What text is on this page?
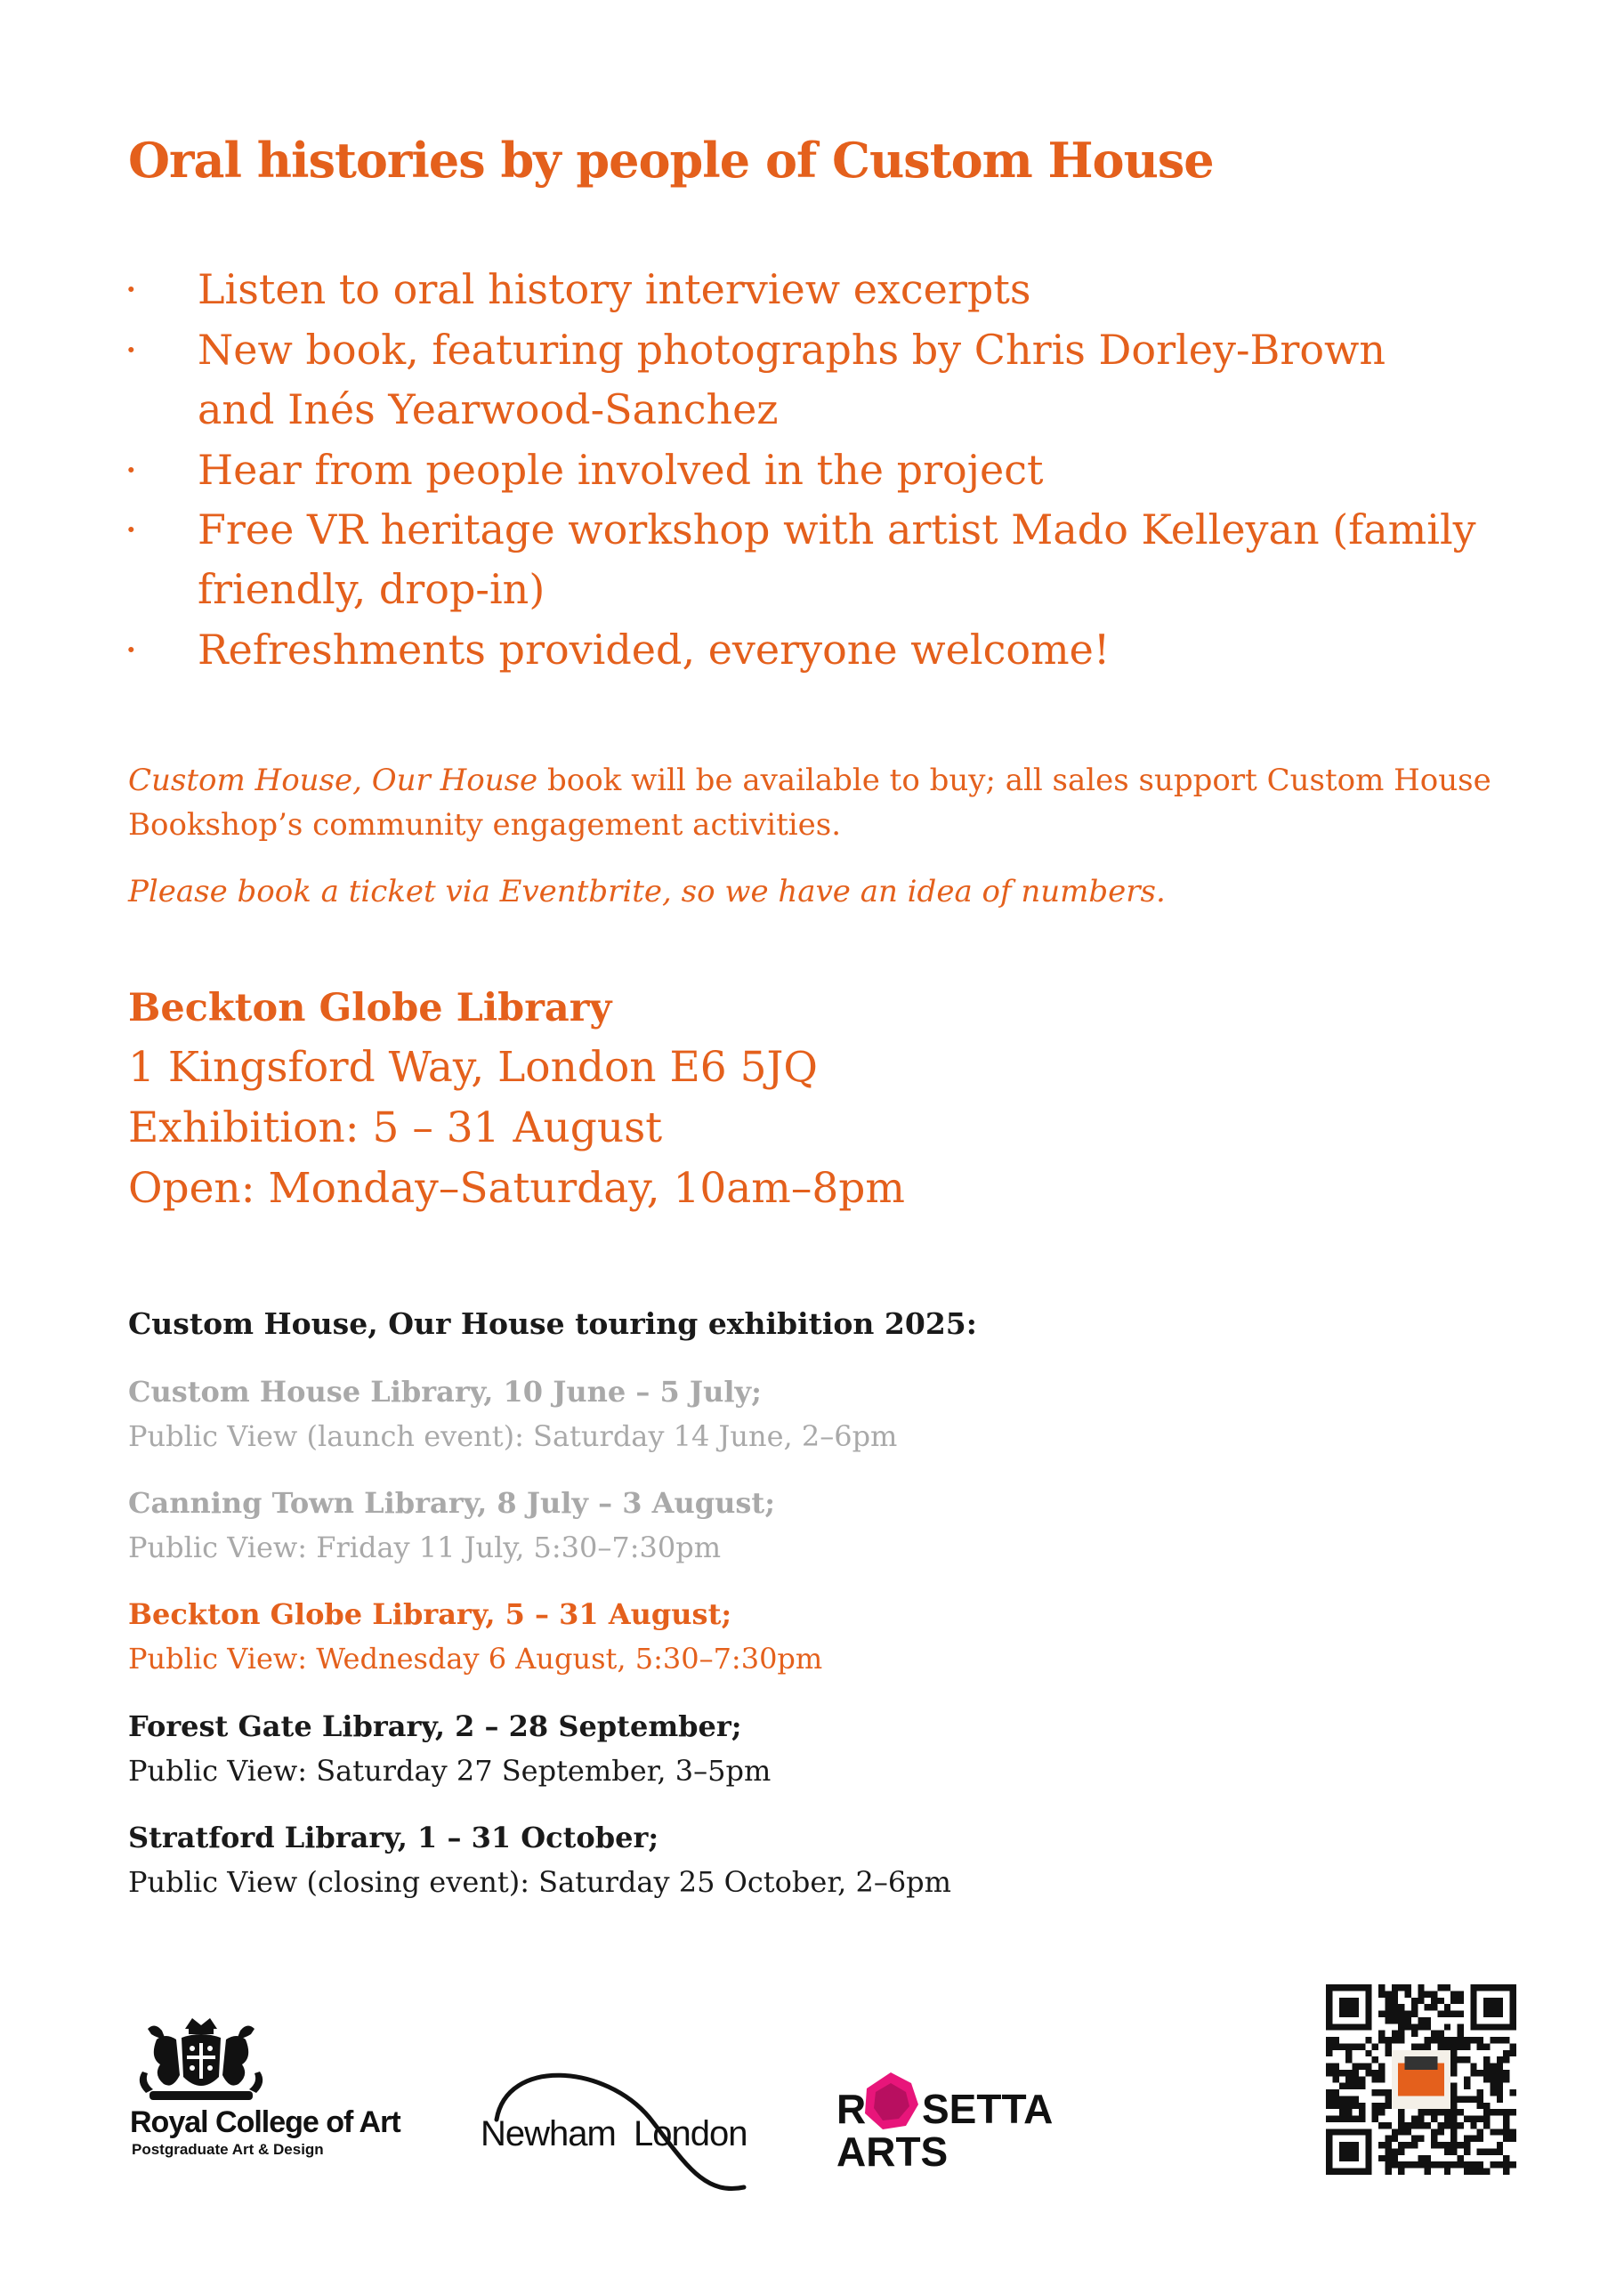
Oral histories by people of Custom House
·	Listen to oral history interview excerpts
·	New book, featuring photographs by Chris Dorley-Brown
and Inés Yearwood-Sanchez
·	Hear from people involved in the project
·	Free VR heritage workshop with artist Mado Kelleyan (family
friendly, drop-in)
·	Refreshments provided, everyone welcome!

Custom House, Our House book will be available to buy; all sales support Custom House

Bookshop’s community engagement activities.

Please book a ticket via Eventbrite, so we have an idea of numbers.

Beckton Globe Library

1 Kingsford Way, London E6 5JQ

Exhibition: 5 – 31 August

Open: Monday–Saturday, 10am–8pm

Custom House, Our House touring exhibition 2025:

Custom House Library, 10 June – 5 July;

Public View (launch event): Saturday 14 June, 2–6pm

Canning Town Library, 8 July – 3 August;

Public View: Friday 11 July, 5:30–7:30pm

Beckton Globe Library, 5 – 31 August;

Public View: Wednesday 6 August, 5:30–7:30pm

Forest Gate Library, 2 – 28 September;

Public View: Saturday 27 September, 3–5pm

Stratford Library, 1 – 31 October;

Public View (closing event): Saturday 25 October, 2–6pm

Royal College of Art
Postgraduate Art & Design	Newham London
R SETTA
ARTS
